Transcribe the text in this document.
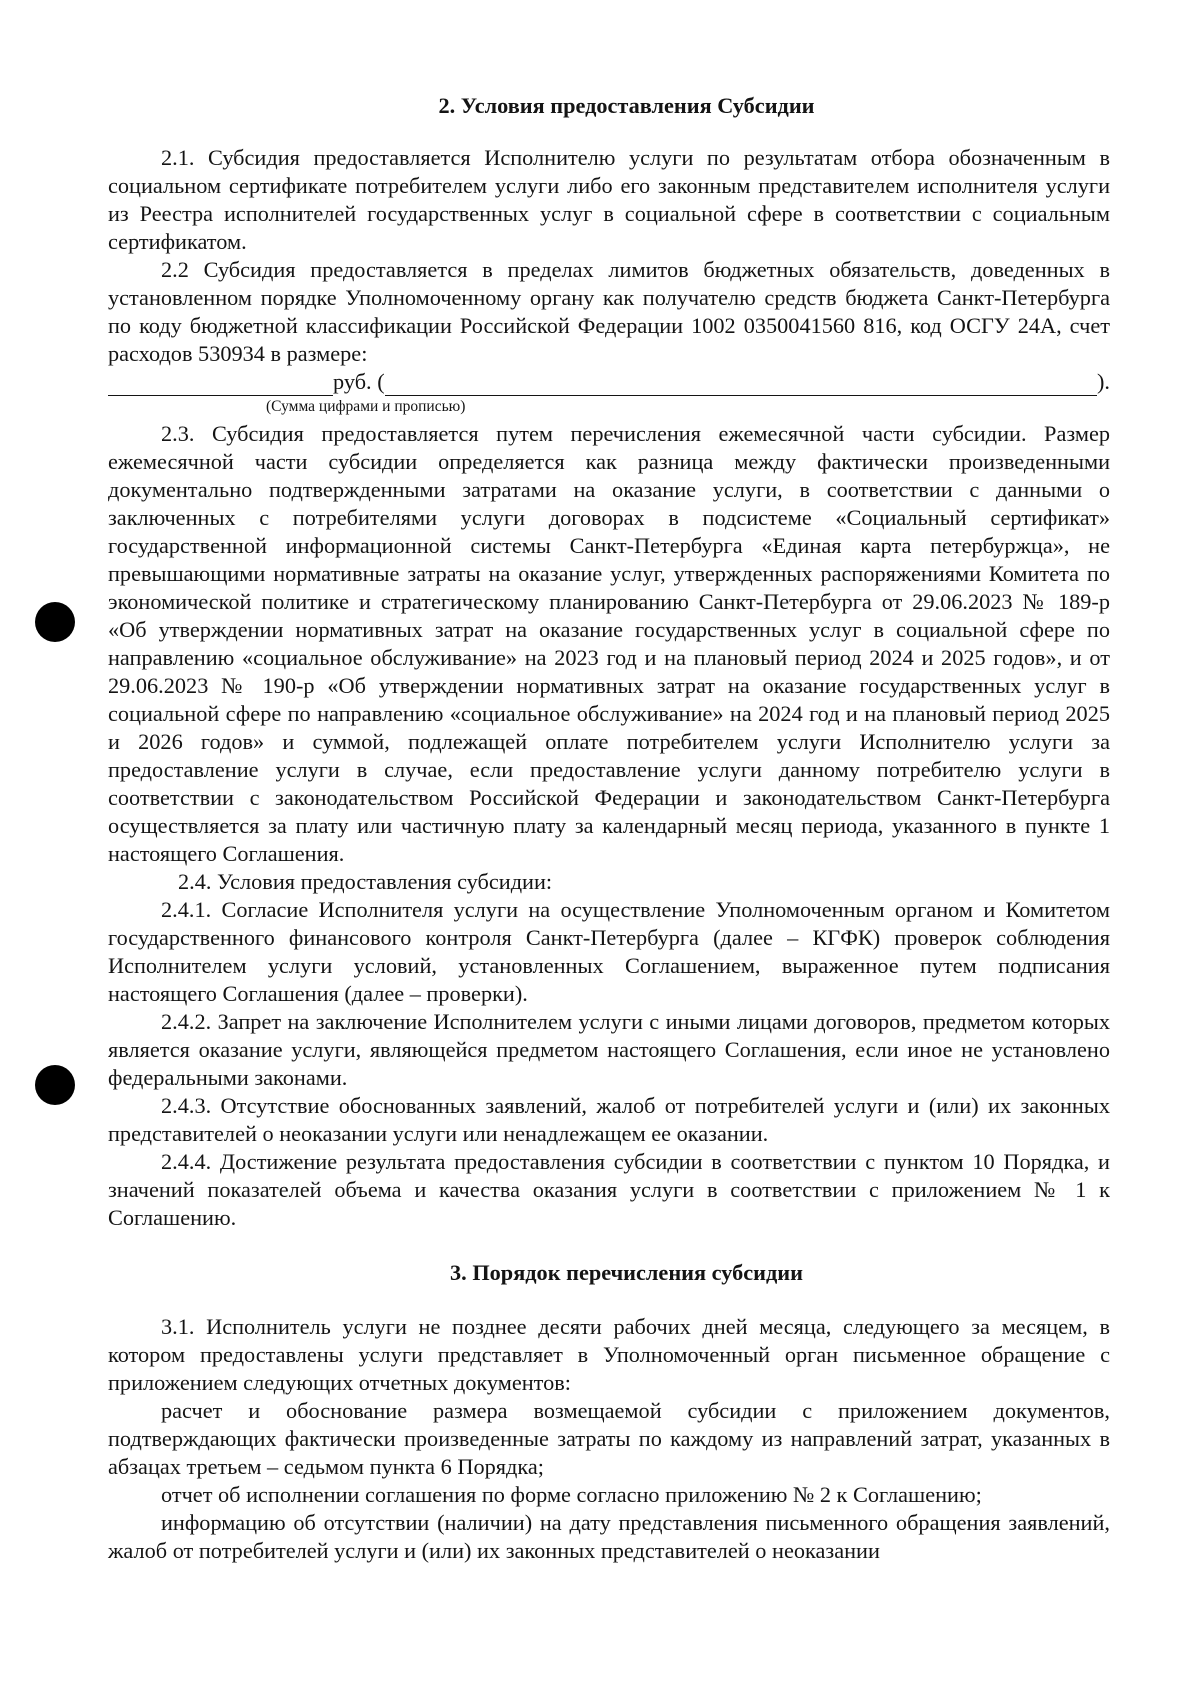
2. Условия предоставления Субсидии

2.1. Субсидия предоставляется Исполнителю услуги по результатам отбора обозначенным в социальном сертификате потребителем услуги либо его законным представителем исполнителя услуги из Реестра исполнителей государственных услуг в социальной сфере в соответствии с социальным сертификатом.

2.2 Субсидия предоставляется в пределах лимитов бюджетных обязательств, доведенных в установленном порядке Уполномоченному органу как получателю средств бюджета Санкт-Петербурга по коду бюджетной классификации Российской Федерации 1002 0350041560 816, код ОСГУ 24А, счет расходов 530934 в размере:

руб. (	).
(Сумма цифрами и прописью)

2.3. Субсидия предоставляется путем перечисления ежемесячной части субсидии. Размер ежемесячной части субсидии определяется как разница между фактически произведенными документально подтвержденными затратами на оказание услуги, в соответствии с данными о заключенных с потребителями услуги договорах в подсистеме «Социальный сертификат» государственной информационной системы Санкт-Петербурга «Единая карта петербуржца», не превышающими нормативные затраты на оказание услуг, утвержденных распоряжениями Комитета по экономической политике и стратегическому планированию Санкт-Петербурга от 29.06.2023 № 189-р «Об утверждении нормативных затрат на оказание государственных услуг в социальной сфере по направлению «социальное обслуживание» на 2023 год и на плановый период 2024 и 2025 годов», и от 29.06.2023 № 190-р «Об утверждении нормативных затрат на оказание государственных услуг в социальной сфере по направлению «социальное обслуживание» на 2024 год и на плановый период 2025 и 2026 годов» и суммой, подлежащей оплате потребителем услуги Исполнителю услуги за предоставление услуги в случае, если предоставление услуги данному потребителю услуги в соответствии с законодательством Российской Федерации и законодательством Санкт-Петербурга осуществляется за плату или частичную плату за календарный месяц периода, указанного в пункте 1 настоящего Соглашения.

2.4. Условия предоставления субсидии:

2.4.1. Согласие Исполнителя услуги на осуществление Уполномоченным органом и Комитетом государственного финансового контроля Санкт-Петербурга (далее – КГФК) проверок соблюдения Исполнителем услуги условий, установленных Соглашением, выраженное путем подписания настоящего Соглашения (далее – проверки).

2.4.2. Запрет на заключение Исполнителем услуги с иными лицами договоров, предметом которых является оказание услуги, являющейся предметом настоящего Соглашения, если иное не установлено федеральными законами.

2.4.3. Отсутствие обоснованных заявлений, жалоб от потребителей услуги и (или) их законных представителей о неоказании услуги или ненадлежащем ее оказании.

2.4.4. Достижение результата предоставления субсидии в соответствии с пунктом 10 Порядка, и значений показателей объема и качества оказания услуги в соответствии с приложением № 1 к Соглашению.

3. Порядок перечисления субсидии

3.1. Исполнитель услуги не позднее десяти рабочих дней месяца, следующего за месяцем, в котором предоставлены услуги представляет в Уполномоченный орган письменное обращение с приложением следующих отчетных документов:

расчет и обоснование размера возмещаемой субсидии с приложением документов, подтверждающих фактически произведенные затраты по каждому из направлений затрат, указанных в абзацах третьем – седьмом пункта 6 Порядка;

отчет об исполнении соглашения по форме согласно приложению № 2 к Соглашению;

информацию об отсутствии (наличии) на дату представления письменного обращения заявлений, жалоб от потребителей услуги и (или) их законных представителей о неоказании
